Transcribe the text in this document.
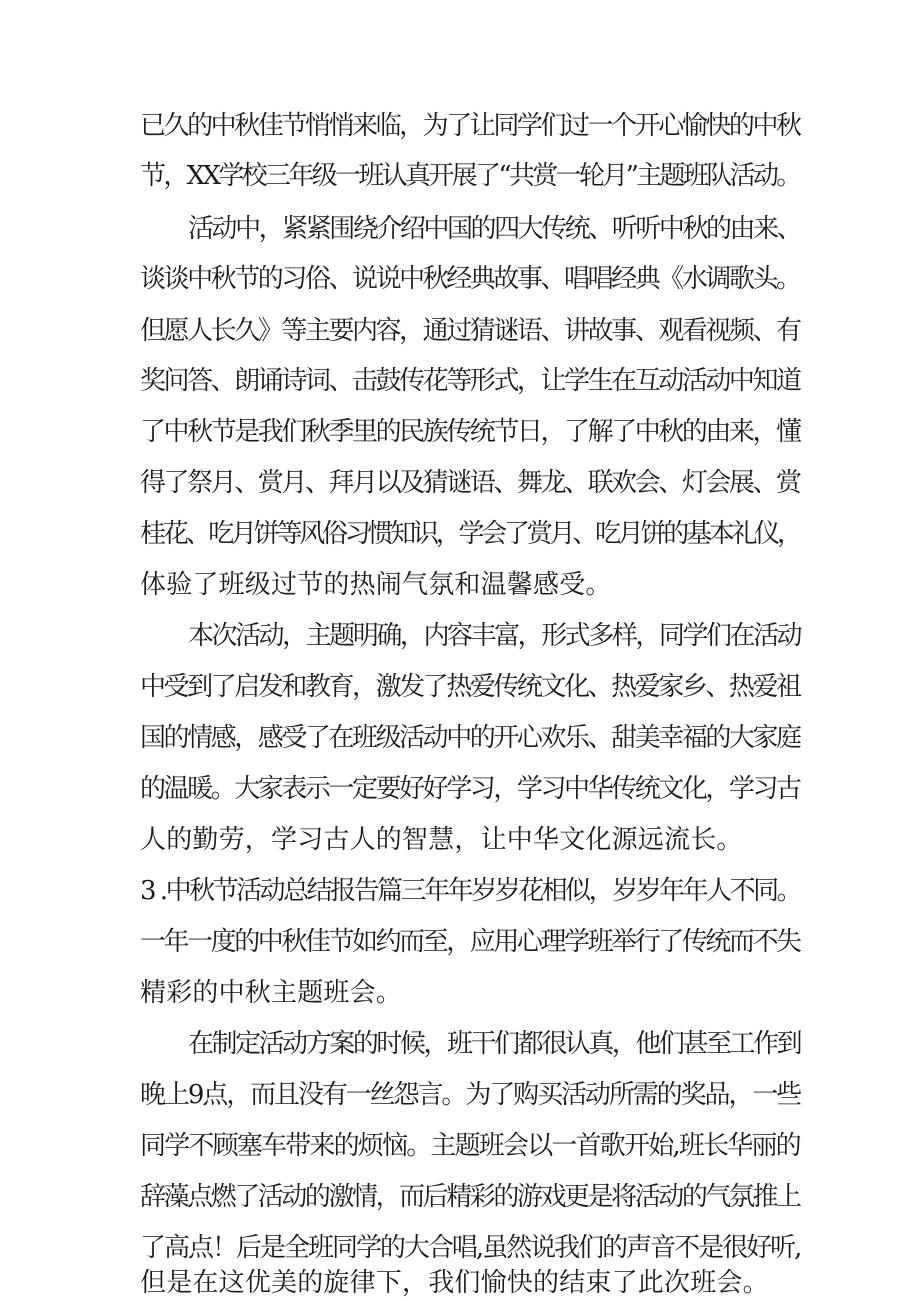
已久的中秋佳节悄悄来临，为了让同学们过一个开心愉快的中秋
节，XX学校三年级一班认真开展了“共赏一轮月”主题班队活动。
活动中，紧紧围绕介绍中国的四大传统、听听中秋的由来、
谈谈中秋节的习俗、说说中秋经典故事、唱唱经典《水调歌头。
但愿人长久》等主要内容，通过猜谜语、讲故事、观看视频、有
奖问答、朗诵诗词、击鼓传花等形式，让学生在互动活动中知道
了中秋节是我们秋季里的民族传统节日，了解了中秋的由来，懂
得了祭月、赏月、拜月以及猜谜语、舞龙、联欢会、灯会展、赏
桂花、吃月饼等风俗习惯知识，学会了赏月、吃月饼的基本礼仪，
体验了班级过节的热闹气氛和温馨感受。
本次活动，主题明确，内容丰富，形式多样，同学们在活动
中受到了启发和教育，激发了热爱传统文化、热爱家乡、热爱祖
国的情感，感受了在班级活动中的开心欢乐、甜美幸福的大家庭
的温暖。大家表示一定要好好学习，学习中华传统文化，学习古
人的勤劳，学习古人的智慧，让中华文化源远流长。
3 .中秋节活动总结报告篇三年年岁岁花相似，岁岁年年人不同。
一年一度的中秋佳节如约而至，应用心理学班举行了传统而不失
精彩的中秋主题班会。
在制定活动方案的时候，班干们都很认真，他们甚至工作到
晚上9点，而且没有一丝怨言。为了购买活动所需的奖品，一些
同学不顾塞车带来的烦恼。主题班会以一首歌开始,班长华丽的
辞藻点燃了活动的激情，而后精彩的游戏更是将活动的气氛推上
了高点！后是全班同学的大合唱,虽然说我们的声音不是很好听,
但是在这优美的旋律下，我们愉快的结束了此次班会。
